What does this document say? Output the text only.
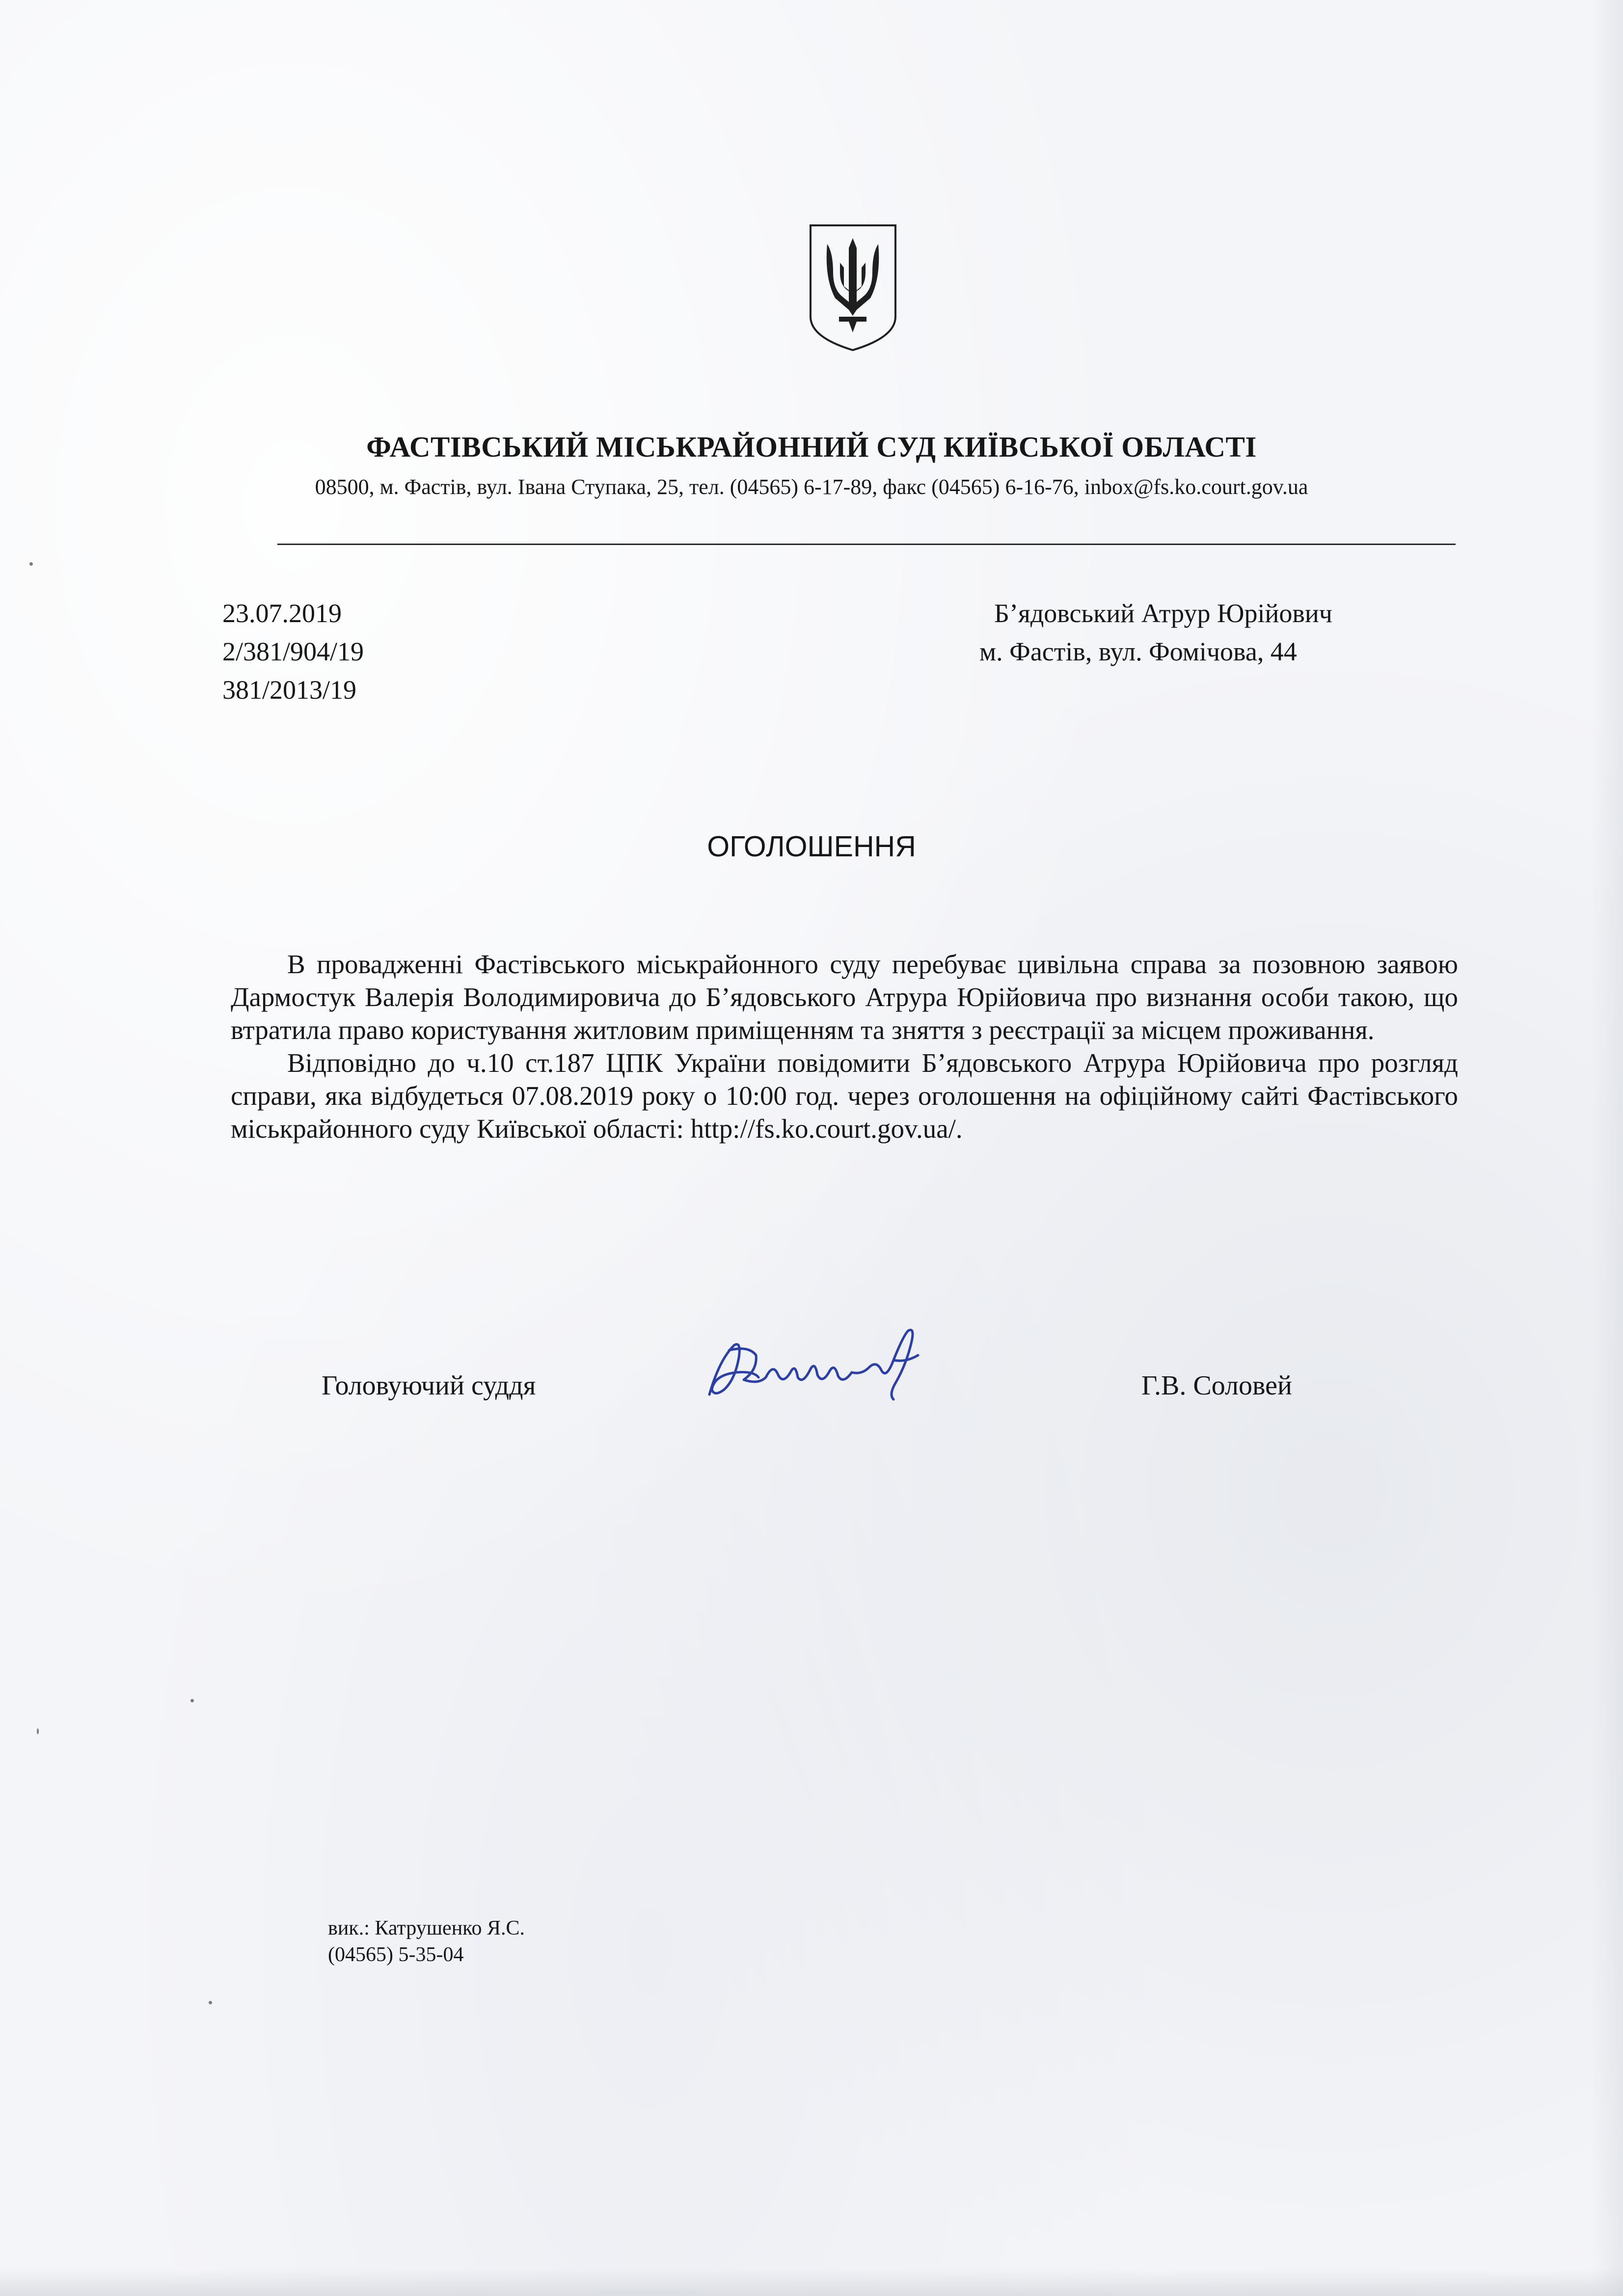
ФАСТІВСЬКИЙ МІСЬКРАЙОННИЙ СУД КИЇВСЬКОЇ ОБЛАСТІ
08500, м. Фастів, вул. Івана Ступака, 25, тел. (04565) 6-17-89, факс (04565) 6-16-76, inbox@fs.ko.court.gov.ua
23.07.2019
2/381/904/19
381/2013/19
Б’ядовський Атрур Юрійович
м. Фастів, вул. Фомічова, 44
ОГОЛОШЕННЯ

В провадженні Фастівського міськрайонного суду перебуває цивільна справа за позовною заявою Дармостук Валерія Володимировича до Б’ядовського Атрура Юрійовича про визнання особи такою, що втратила право користування житловим приміщенням та зняття з реєстрації за місцем проживання.

Відповідно до ч.10 ст.187 ЦПК України повідомити Б’ядовського Атрура Юрійовича про розгляд справи, яка відбудеться 07.08.2019 року о 10:00 год. через оголошення на офіційному сайті Фастівського міськрайонного суду Київської області: http://fs.ko.court.gov.ua/.

Головуючий суддя	Г.В. Соловей
вик.: Катрушенко Я.С.
(04565) 5-35-04
